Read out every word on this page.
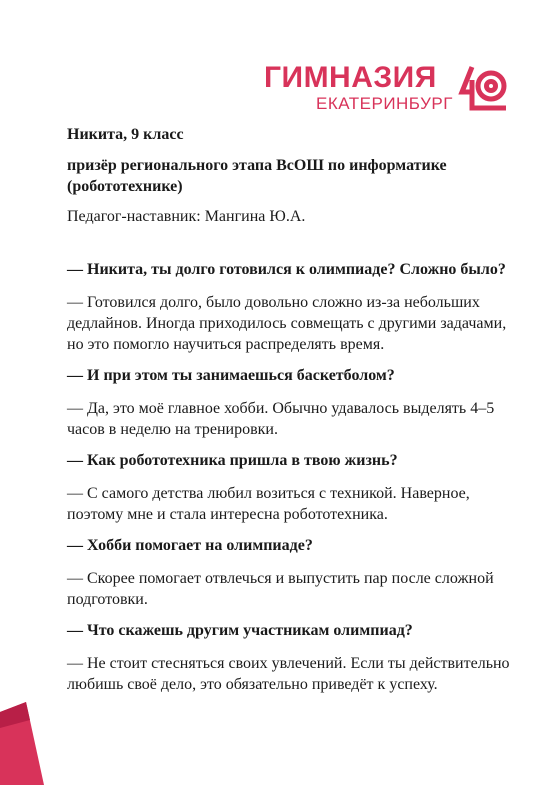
ГИМНАЗИЯ
ЕКАТЕРИНБУРГ

Никита, 9 класс

призёр регионального этапа ВсОШ по информатике (робототехнике)

Педагог-наставник: Мангина Ю.А.

— Никита, ты долго готовился к олимпиаде? Сложно было?

— Готовился долго, было довольно сложно из-за небольших дедлайнов. Иногда приходилось совмещать с другими задачами, но это помогло научиться распределять время.

— И при этом ты занимаешься баскетболом?

— Да, это моё главное хобби. Обычно удавалось выделять 4–5 часов в неделю на тренировки.

— Как робототехника пришла в твою жизнь?

— С самого детства любил возиться с техникой. Наверное, поэтому мне и стала интересна робототехника.

— Хобби помогает на олимпиаде?

— Скорее помогает отвлечься и выпустить пар после сложной подготовки.

— Что скажешь другим участникам олимпиад?

— Не стоит стесняться своих увлечений. Если ты действительно любишь своё дело, это обязательно приведёт к успеху.
